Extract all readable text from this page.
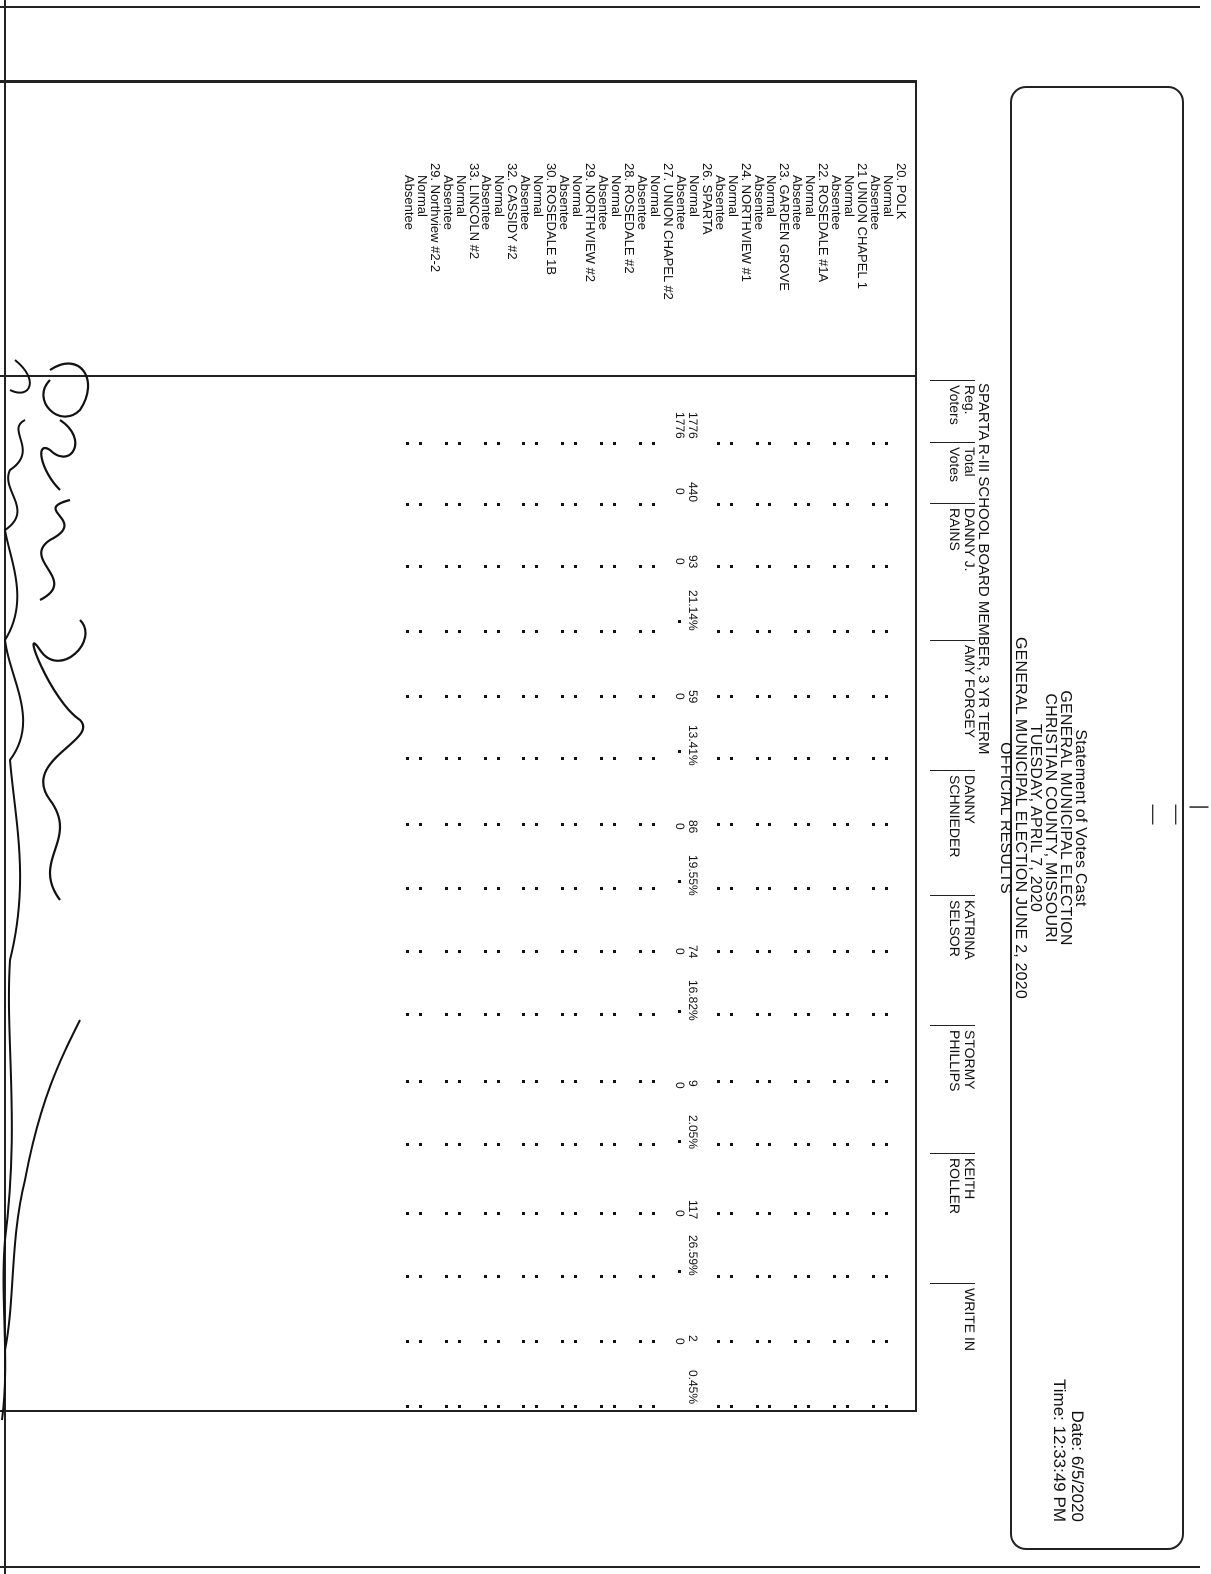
| — —
Statement of Votes Cast
GENERAL MUNICIPAL ELECTION
CHRISTIAN COUNTY, MISSOURI
TUESDAY, APRIL 7, 2020
GENERAL MUNICIPAL ELECTION JUNE 2, 2020
OFFICIAL RESULTS
Date: 6/5/2020
Time: 12:33:49 PM
SPARTA R-III SCHOOL BOARD MEMBER, 3 YR TERM
Reg.
Voters
Total
Votes
DANNY J.
RAINS
AMY FORGEY
DANNY
SCHNIEDER
KATRINA
SELSOR
STORMY
PHILLIPS
KEITH
ROLLER
WRITE IN
20. POLK
Normal
Absentee
21 UNION CHAPEL 1
Normal
Absentee
22. ROSEDALE #1A
Normal
Absentee
23. GARDEN GROVE
Normal
Absentee
24. NORTHVIEW #1
Normal
Absentee
26. SPARTA
Normal
Absentee
27. UNION CHAPEL #2
Normal
Absentee
28. ROSEDALE #2
Normal
Absentee
29. NORTHVIEW #2
Normal
Absentee
30. ROSEDALE 1B
Normal
Absentee
32. CASSIDY #2
Normal
Absentee
33. LINCOLN #2
Normal
Absentee
29. Northview #2-2
Normal
Absentee
1776
440
93
21.14%
59
13.41%
86
19.55%
74
16.82%
9
2.05%
117
26.59%
2
0.45%
1776
0
0
0
0
0
0
0
0
